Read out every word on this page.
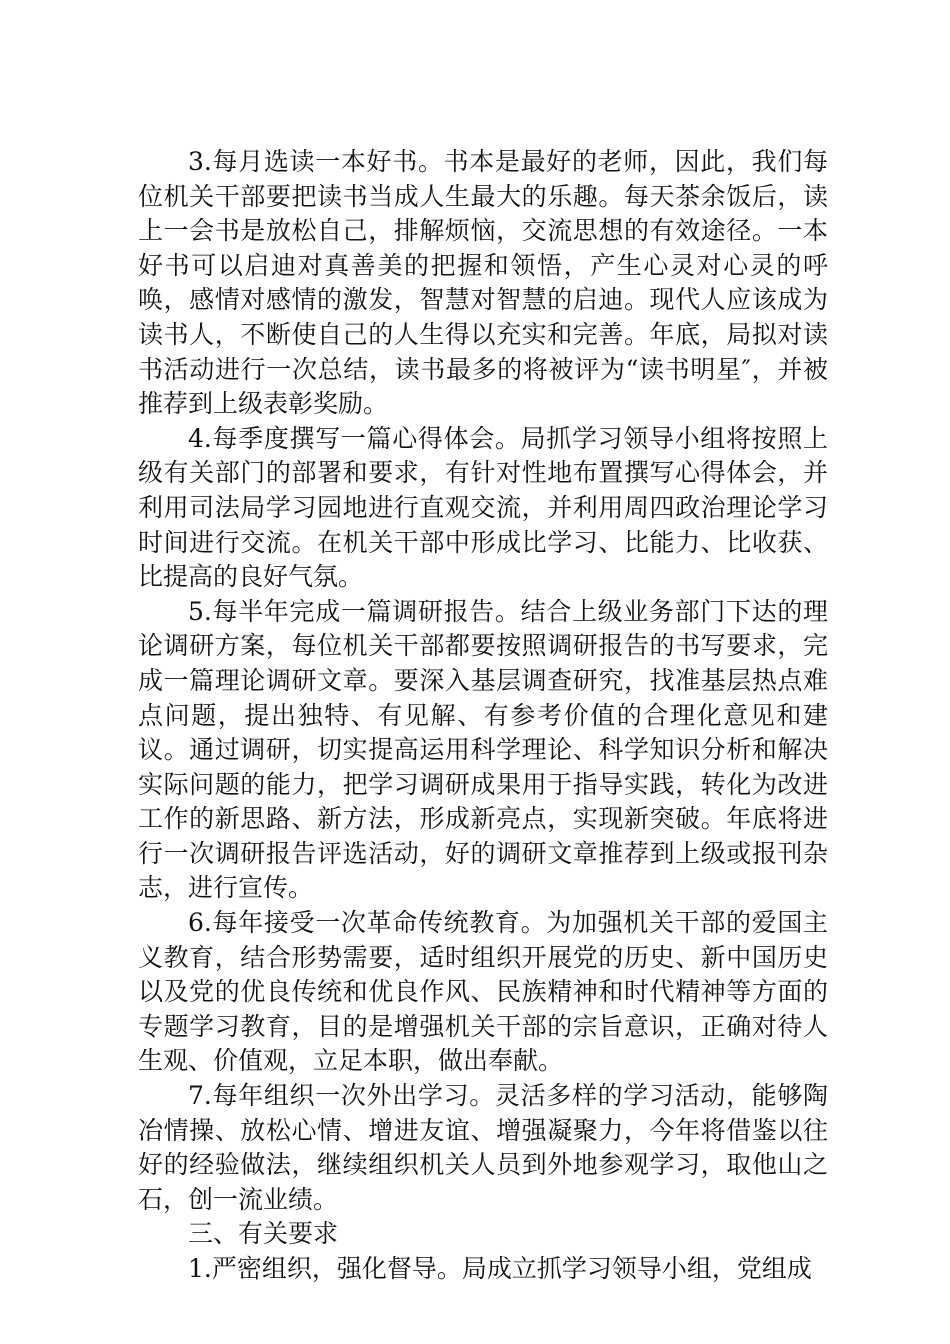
3.每月选读一本好书。书本是最好的老师，因此，我们每位机关干部要把读书当成人生最大的乐趣。每天茶余饭后，读上一会书是放松自己，排解烦恼，交流思想的有效途径。一本好书可以启迪对真善美的把握和领悟，产生心灵对心灵的呼唤，感情对感情的激发，智慧对智慧的启迪。现代人应该成为读书人，不断使自己的人生得以充实和完善。年底，局拟对读书活动进行一次总结，读书最多的将被评为“读书明星″，并被推荐到上级表彰奖励。

4.每季度撰写一篇心得体会。局抓学习领导小组将按照上级有关部门的部署和要求，有针对性地布置撰写心得体会，并利用司法局学习园地进行直观交流，并利用周四政治理论学习时间进行交流。在机关干部中形成比学习、比能力、比收获、比提高的良好气氛。

5.每半年完成一篇调研报告。结合上级业务部门下达的理论调研方案，每位机关干部都要按照调研报告的书写要求，完成一篇理论调研文章。要深入基层调查研究，找准基层热点难点问题，提出独特、有见解、有参考价值的合理化意见和建议。通过调研，切实提高运用科学理论、科学知识分析和解决实际问题的能力，把学习调研成果用于指导实践，转化为改进工作的新思路、新方法，形成新亮点，实现新突破。年底将进行一次调研报告评选活动，好的调研文章推荐到上级或报刊杂志，进行宣传。

6.每年接受一次革命传统教育。为加强机关干部的爱国主义教育，结合形势需要，适时组织开展党的历史、新中国历史以及党的优良传统和优良作风、民族精神和时代精神等方面的专题学习教育，目的是增强机关干部的宗旨意识，正确对待人生观、价值观，立足本职，做出奉献。

7.每年组织一次外出学习。灵活多样的学习活动，能够陶冶情操、放松心情、增进友谊、增强凝聚力，今年将借鉴以往好的经验做法，继续组织机关人员到外地参观学习，取他山之石，创一流业绩。

三、有关要求

1.严密组织，强化督导。局成立抓学习领导小组，党组成
